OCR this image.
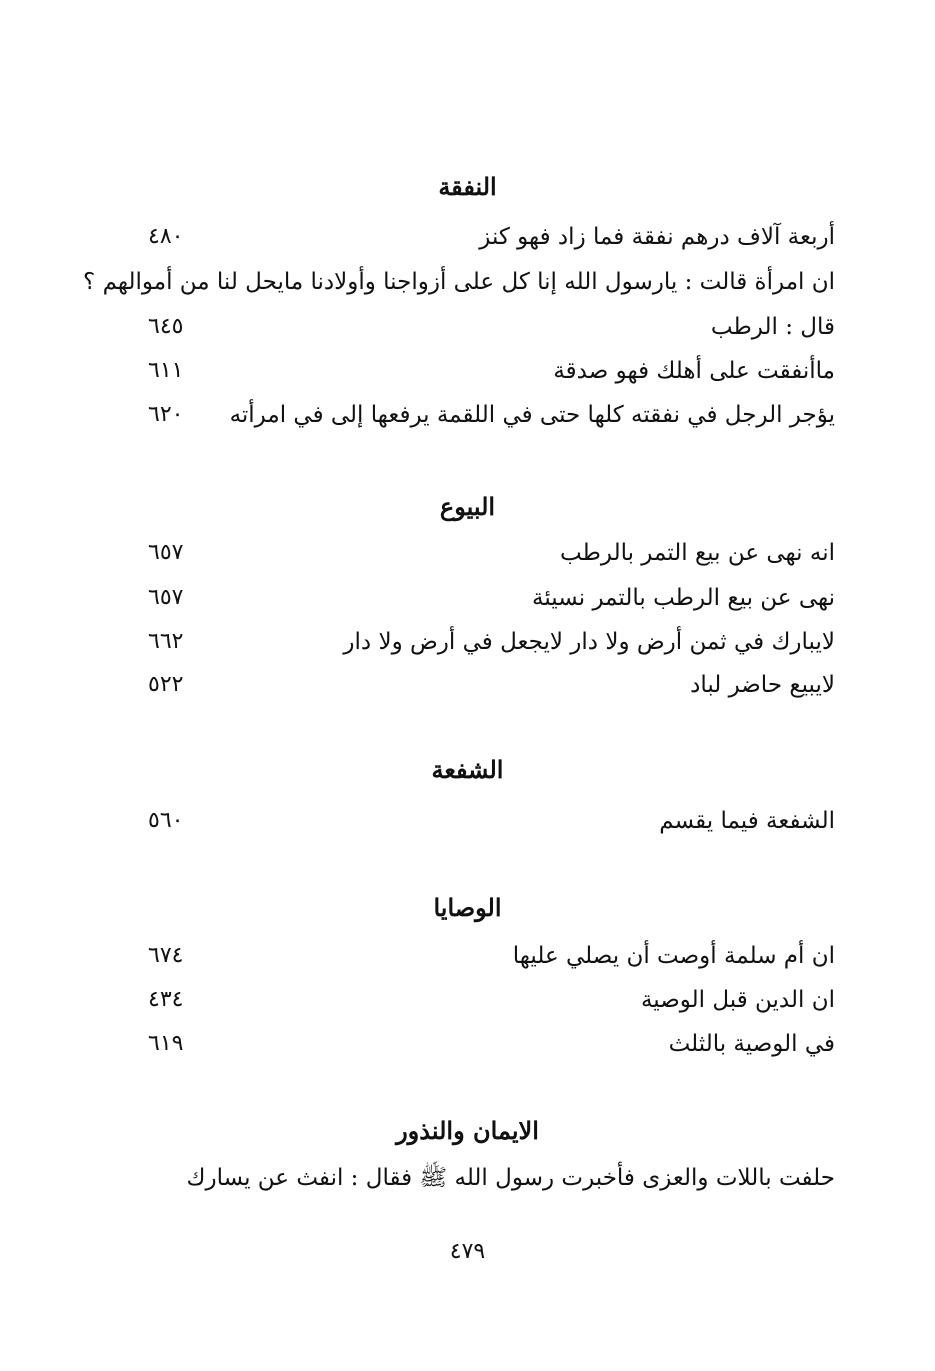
النفقة
أربعة آلاف درهم نفقة فما زاد فهو كنز
٤٨٠
ان امرأة قالت : يارسول الله إنا كل على أزواجنا وأولادنا مايحل لنا من أموالهم ؟
قال : الرطب
٦٤٥
ماأنفقت على أهلك فهو صدقة
٦١١
يؤجر الرجل في نفقته كلها حتى في اللقمة يرفعها إلى في امرأته
٦٢٠
البيوع
انه نهى عن بيع التمر بالرطب
٦٥٧
نهى عن بيع الرطب بالتمر نسيئة
٦٥٧
لايبارك في ثمن أرض ولا دار لايجعل في أرض ولا دار
٦٦٢
لايبيع حاضر لباد
٥٢٢
الشفعة
الشفعة فيما يقسم
٥٦٠
الوصايا
ان أم سلمة أوصت أن يصلي عليها
٦٧٤
ان الدين قبل الوصية
٤٣٤
في الوصية بالثلث
٦١٩
الايمان والنذور
حلفت باللات والعزى فأخبرت رسول الله ﷺ فقال : انفث عن يسارك
٤٧٩
